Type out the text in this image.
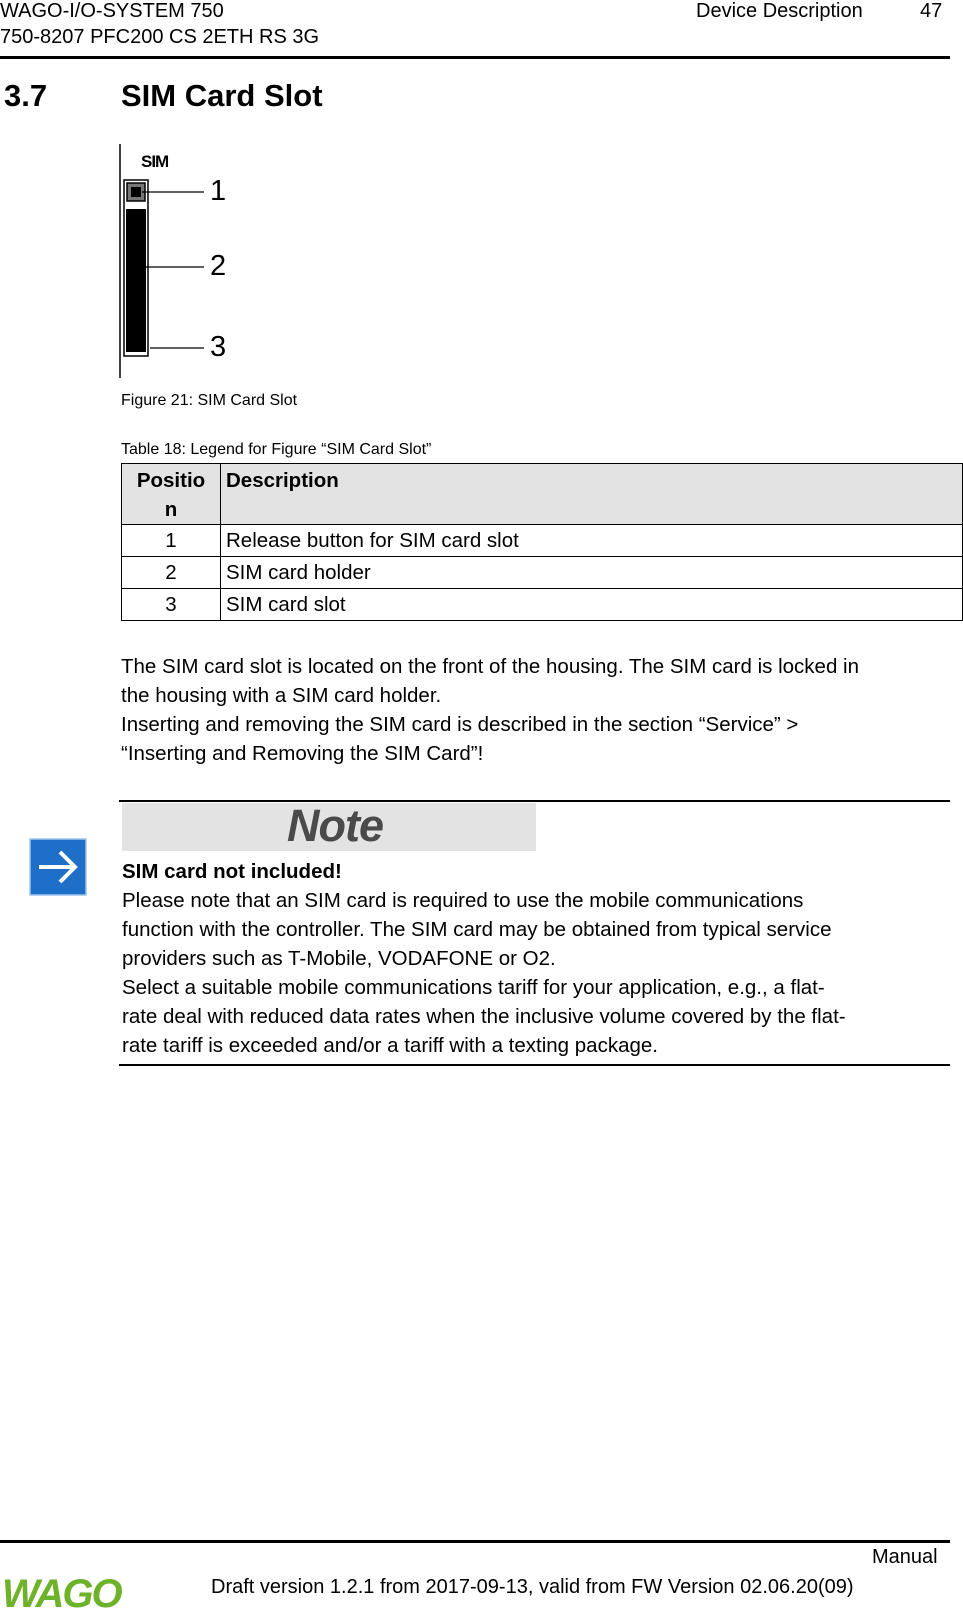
WAGO-I/O-SYSTEM 750
750-8207 PFC200 CS 2ETH RS 3G
Device Description	47
3.7 SIM Card Slot
SIM
1
2
3
Figure 21: SIM Card Slot
Table 18: Legend for Figure “SIM Card Slot”
Positio
n	Description
1	Release button for SIM card slot
2	SIM card holder
3	SIM card slot
The SIM card slot is located on the front of the housing. The SIM card is locked in
the housing with a SIM card holder.
Inserting and removing the SIM card is described in the section “Service” >
“Inserting and Removing the SIM Card”!
Note
SIM card not included!
Please note that an SIM card is required to use the mobile communications
function with the controller. The SIM card may be obtained from typical service
providers such as T-Mobile, VODAFONE or O2.
Select a suitable mobile communications tariff for your application, e.g., a flat-
rate deal with reduced data rates when the inclusive volume covered by the flat-
rate tariff is exceeded and/or a tariff with a texting package.
Manual
Draft version 1.2.1 from 2017-09-13, valid from FW Version 02.06.20(09)
WAGO
